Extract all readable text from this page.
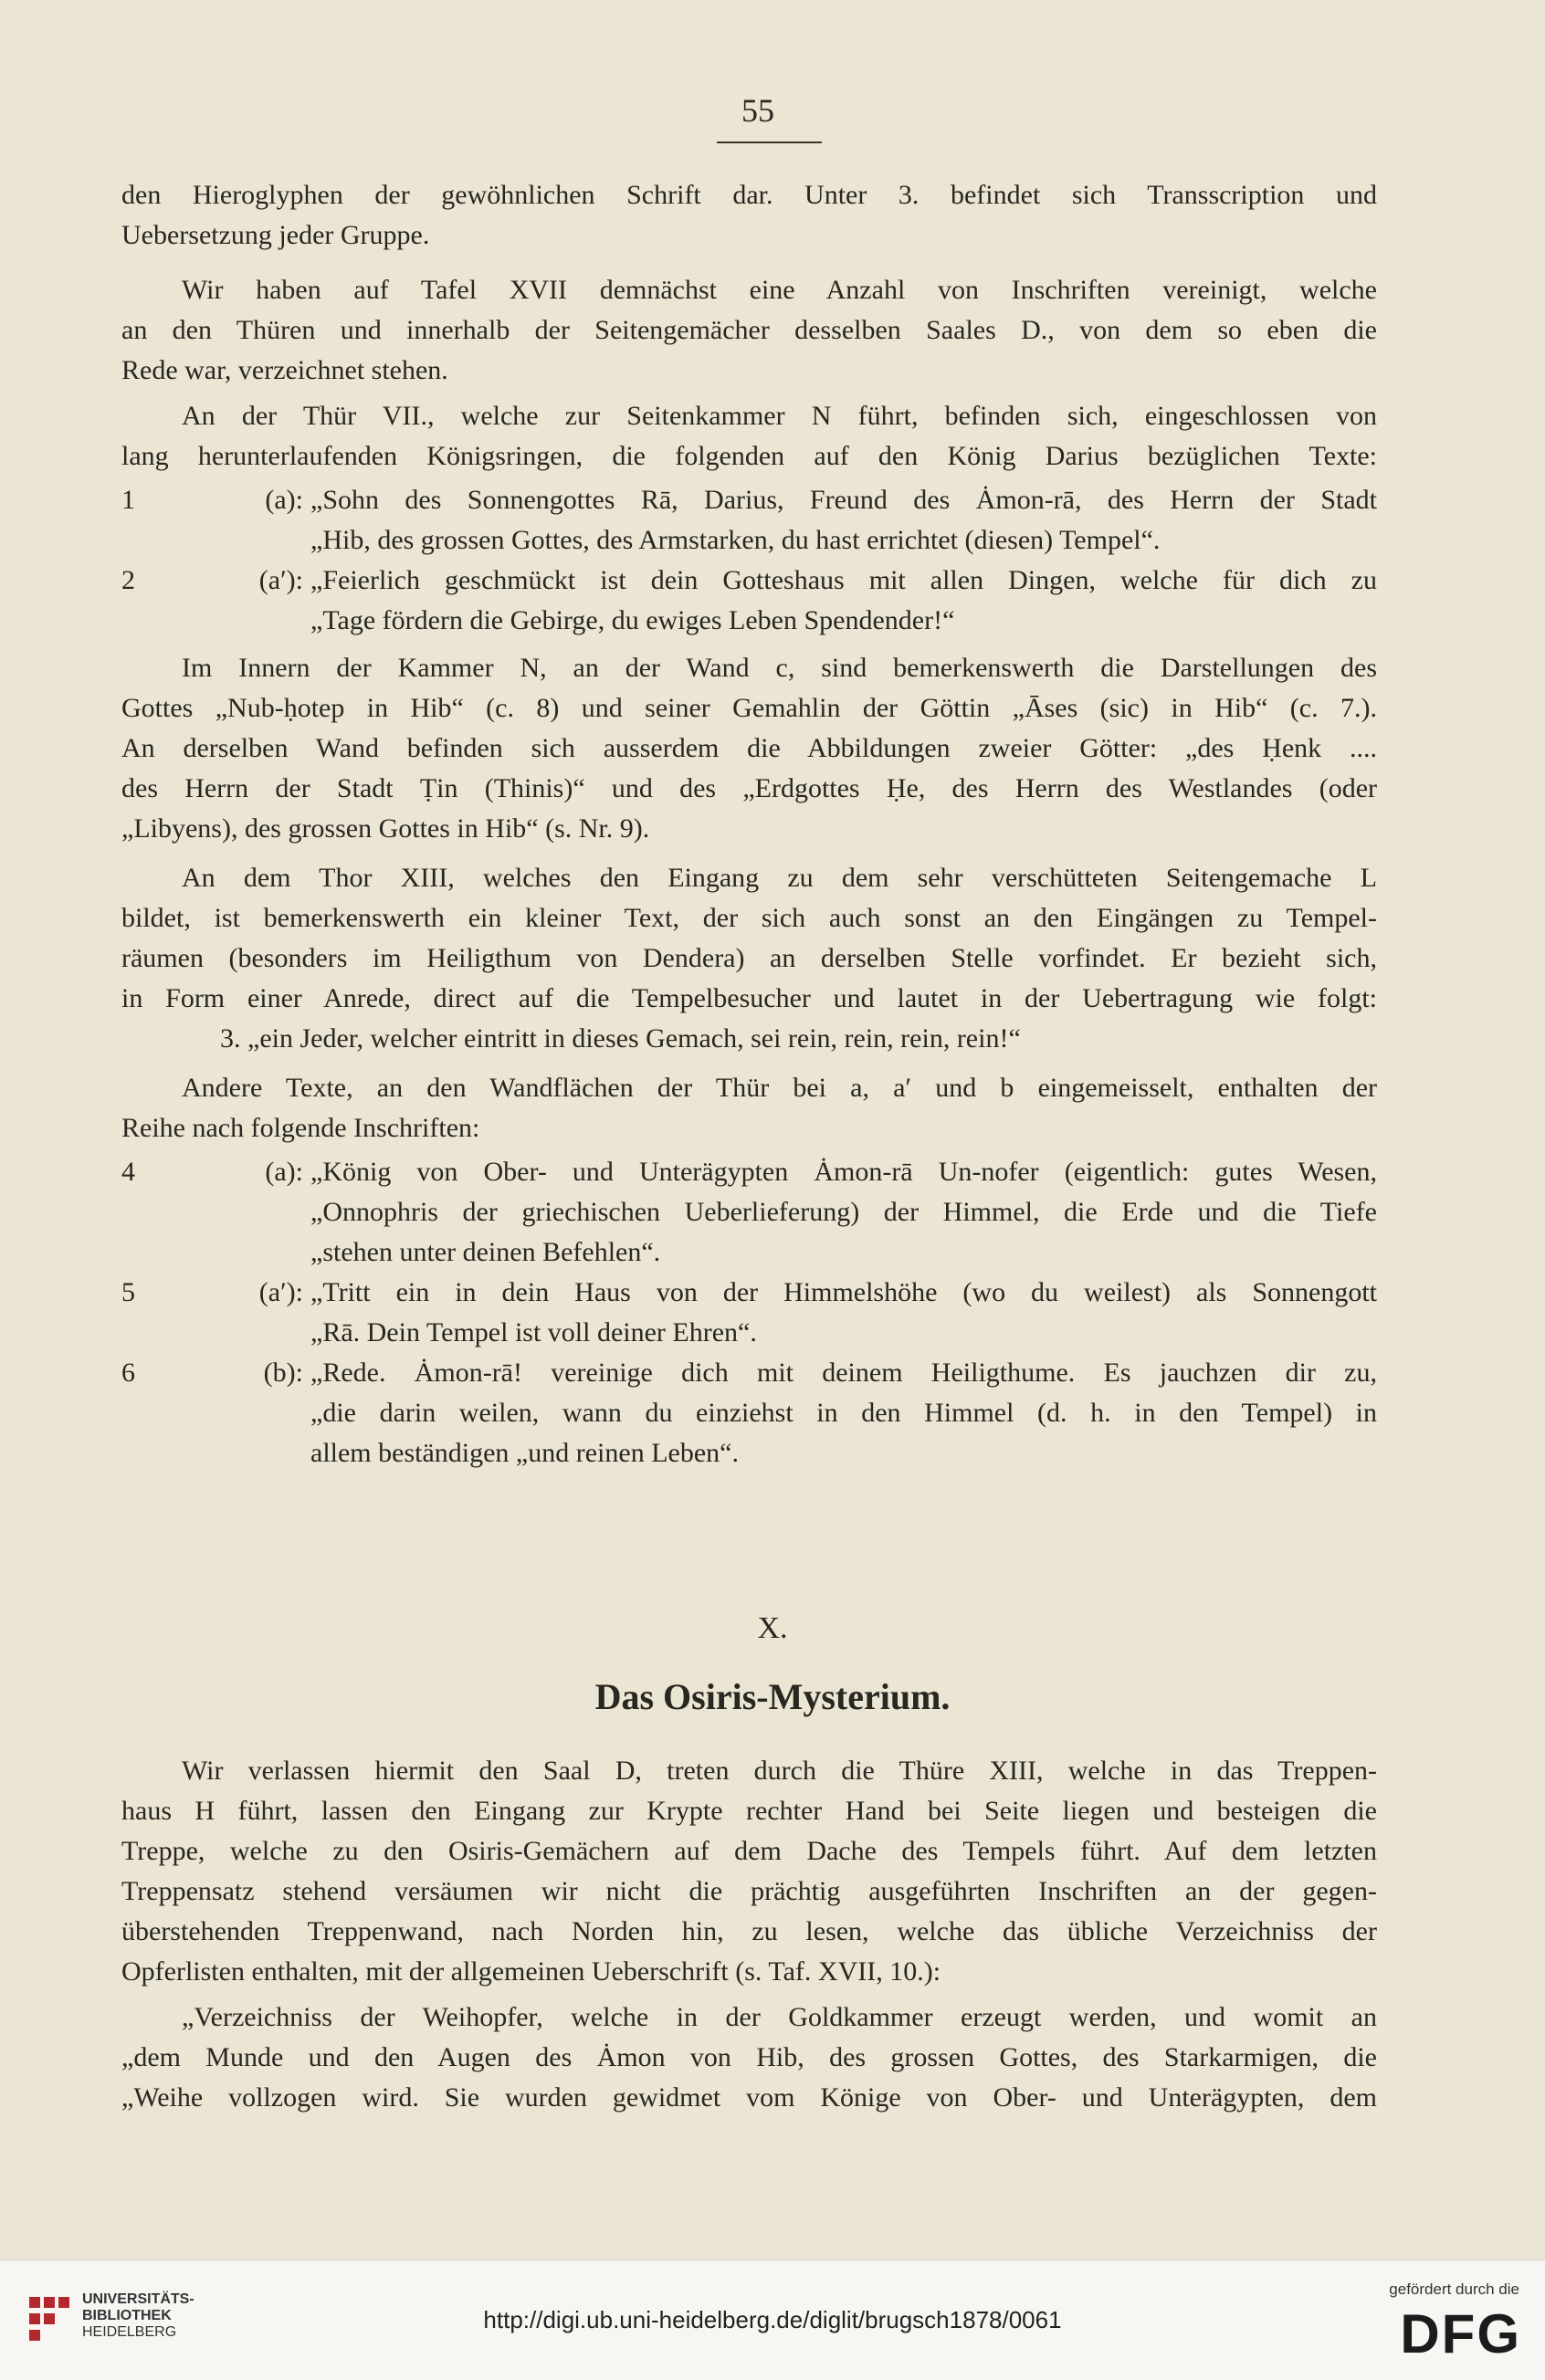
55
den Hieroglyphen der gewöhnlichen Schrift dar. Unter 3. befindet sich Transscription und
Uebersetzung jeder Gruppe.
Wir haben auf Tafel XVII demnächst eine Anzahl von Inschriften vereinigt, welche
an den Thüren und innerhalb der Seitengemächer desselben Saales D., von dem so eben die
Rede war, verzeichnet stehen.
An der Thür VII., welche zur Seitenkammer N führt, befinden sich, eingeschlossen von
lang herunterlaufenden Königsringen, die folgenden auf den König Darius bezüglichen Texte:
1 (a): „Sohn des Sonnengottes Rā, Darius, Freund des Ȧmon-rā, des Herrn der Stadt
„Hib, des grossen Gottes, des Armstarken, du hast errichtet (diesen) Tempel“.
2 (a′): „Feierlich geschmückt ist dein Gotteshaus mit allen Dingen, welche für dich zu
„Tage fördern die Gebirge, du ewiges Leben Spendender!“
Im Innern der Kammer N, an der Wand c, sind bemerkenswerth die Darstellungen des
Gottes „Nub-ḥotep in Hib“ (c. 8) und seiner Gemahlin der Göttin „Āses (sic) in Hib“ (c. 7.).
An derselben Wand befinden sich ausserdem die Abbildungen zweier Götter: „des Ḥenk ....
des Herrn der Stadt Ṭin (Thinis)“ und des „Erdgottes Ḥe, des Herrn des Westlandes (oder
„Libyens), des grossen Gottes in Hib“ (s. Nr. 9).
An dem Thor XIII, welches den Eingang zu dem sehr verschütteten Seitengemache L
bildet, ist bemerkenswerth ein kleiner Text, der sich auch sonst an den Eingängen zu Tempel-
räumen (besonders im Heiligthum von Dendera) an derselben Stelle vorfindet. Er bezieht sich,
in Form einer Anrede, direct auf die Tempelbesucher und lautet in der Uebertragung wie folgt:
3. „ein Jeder, welcher eintritt in dieses Gemach, sei rein, rein, rein, rein!“
Andere Texte, an den Wandflächen der Thür bei a, a′ und b eingemeisselt, enthalten der
Reihe nach folgende Inschriften:
4 (a): „König von Ober- und Unterägypten Ȧmon-rā Un-nofer (eigentlich: gutes Wesen,
„Onnophris der griechischen Ueberlieferung) der Himmel, die Erde und die Tiefe
„stehen unter deinen Befehlen“.
5 (a′): „Tritt ein in dein Haus von der Himmelshöhe (wo du weilest) als Sonnengott
„Rā. Dein Tempel ist voll deiner Ehren“.
6 (b): „Rede. Ȧmon-rā! vereinige dich mit deinem Heiligthume. Es jauchzen dir zu,
„die darin weilen, wann du einziehst in den Himmel (d. h. in den Tempel) in
allem beständigen „und reinen Leben“.
X.
Das Osiris-Mysterium.
Wir verlassen hiermit den Saal D, treten durch die Thüre XIII, welche in das Treppen-
haus H führt, lassen den Eingang zur Krypte rechter Hand bei Seite liegen und besteigen die
Treppe, welche zu den Osiris-Gemächern auf dem Dache des Tempels führt. Auf dem letzten
Treppensatz stehend versäumen wir nicht die prächtig ausgeführten Inschriften an der gegen-
überstehenden Treppenwand, nach Norden hin, zu lesen, welche das übliche Verzeichniss der
Opferlisten enthalten, mit der allgemeinen Ueberschrift (s. Taf. XVII, 10.):
„Verzeichniss der Weihopfer, welche in der Goldkammer erzeugt werden, und womit an
„dem Munde und den Augen des Ȧmon von Hib, des grossen Gottes, des Starkarmigen, die
„Weihe vollzogen wird. Sie wurden gewidmet vom Könige von Ober- und Unterägypten, dem
UNIVERSITÄTS-
BIBLIOTHEK
HEIDELBERG	http://digi.ub.uni-heidelberg.de/diglit/brugsch1878/0061
gefördert durch die
DFG
